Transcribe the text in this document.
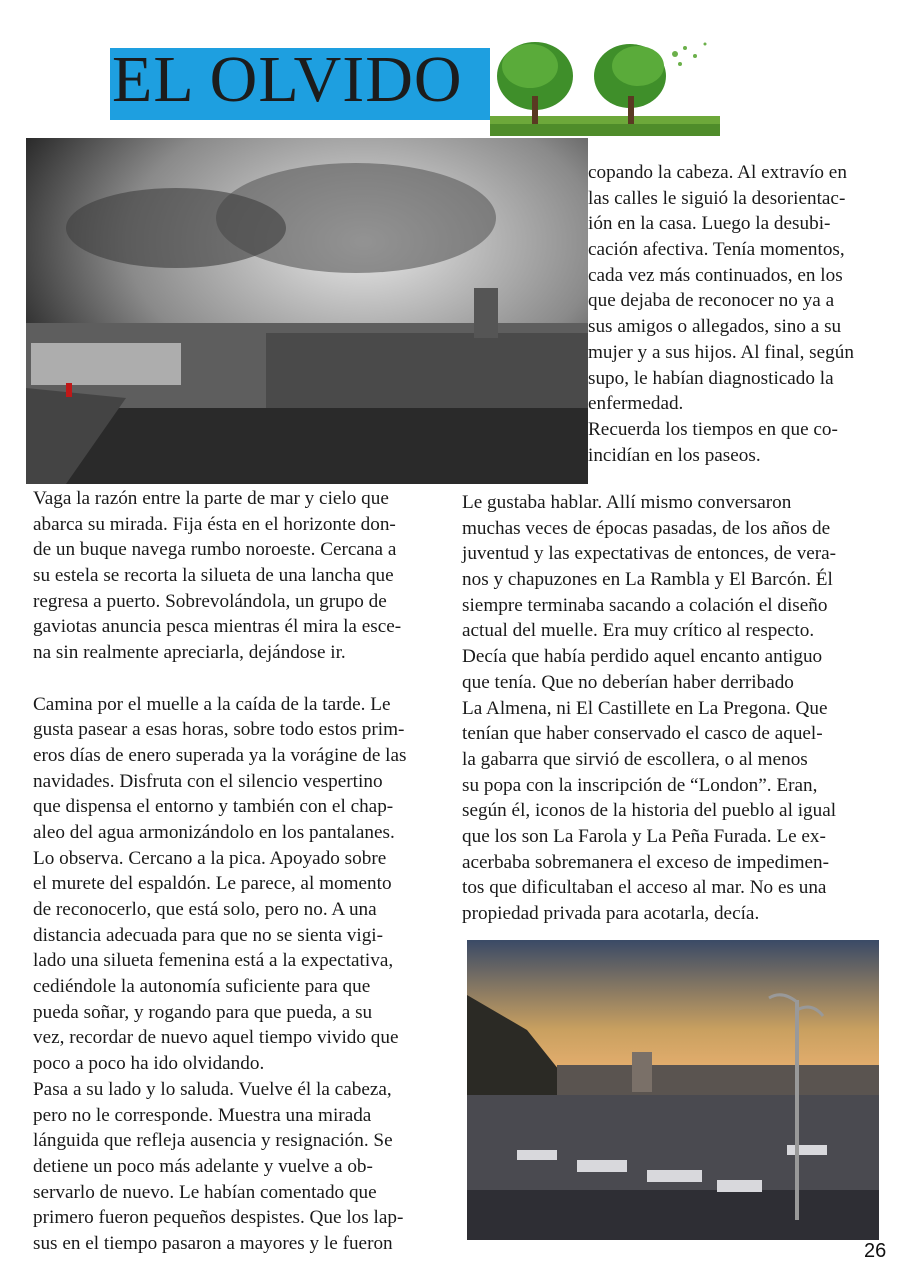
EL OLVIDO
copando la cabeza. Al extravío en
las calles le siguió la desorientac-
ión en la casa. Luego la desubi-
cación afectiva. Tenía momentos,
cada vez más continuados, en los
que dejaba de reconocer no ya a
sus amigos o allegados, sino a su
mujer y a sus hijos. Al final, según
supo, le habían diagnosticado la
enfermedad.
Recuerda los tiempos en que co-
incidían en los paseos.
Vaga la razón entre la parte de mar y cielo que
abarca su mirada. Fija ésta en el horizonte don-
de un buque navega rumbo noroeste. Cercana a
su estela se recorta la silueta de una lancha que
regresa a puerto. Sobrevolándola, un grupo de
gaviotas anuncia pesca mientras él mira la esce-
na sin realmente apreciarla, dejándose ir.
Camina por el muelle a la caída de la tarde. Le
gusta pasear a esas horas, sobre todo estos prim-
eros días de enero superada ya la vorágine de las
navidades. Disfruta con el silencio vespertino
que dispensa el entorno y también con el chap-
aleo del agua armonizándolo en los pantalanes.
Lo observa. Cercano a la pica. Apoyado sobre
el murete del espaldón. Le parece, al momento
de reconocerlo, que está solo, pero no. A una
distancia adecuada para que no se sienta vigi-
lado una silueta femenina está a la expectativa,
cediéndole la autonomía suficiente para que
pueda soñar, y rogando para que pueda, a su
vez, recordar de nuevo aquel tiempo vivido que
poco a poco ha ido olvidando.
Pasa a su lado y lo saluda. Vuelve él la cabeza,
pero no le corresponde. Muestra una mirada
lánguida que refleja ausencia y resignación. Se
detiene un poco más adelante y vuelve a ob-
servarlo de nuevo. Le habían comentado que
primero fueron pequeños despistes. Que los lap-
sus en el tiempo pasaron a mayores y le fueron
Le gustaba hablar. Allí mismo conversaron
muchas veces de épocas pasadas, de los años de
juventud y las expectativas de entonces, de vera-
nos y chapuzones en La Rambla y El Barcón. Él
siempre terminaba sacando a colación el diseño
actual del muelle. Era muy crítico al respecto.
Decía que había perdido aquel encanto antiguo
que tenía. Que no deberían haber derribado
La Almena, ni El Castillete en La Pregona. Que
tenían que haber conservado el casco de aquel-
la gabarra que sirvió de escollera, o al menos
su popa con la inscripción de “London”. Eran,
según él, iconos de la historia del pueblo al igual
que los son La Farola y La Peña Furada. Le ex-
acerbaba sobremanera el exceso de impedimen-
tos que dificultaban el acceso al mar. No es una
propiedad privada para acotarla, decía.
26
